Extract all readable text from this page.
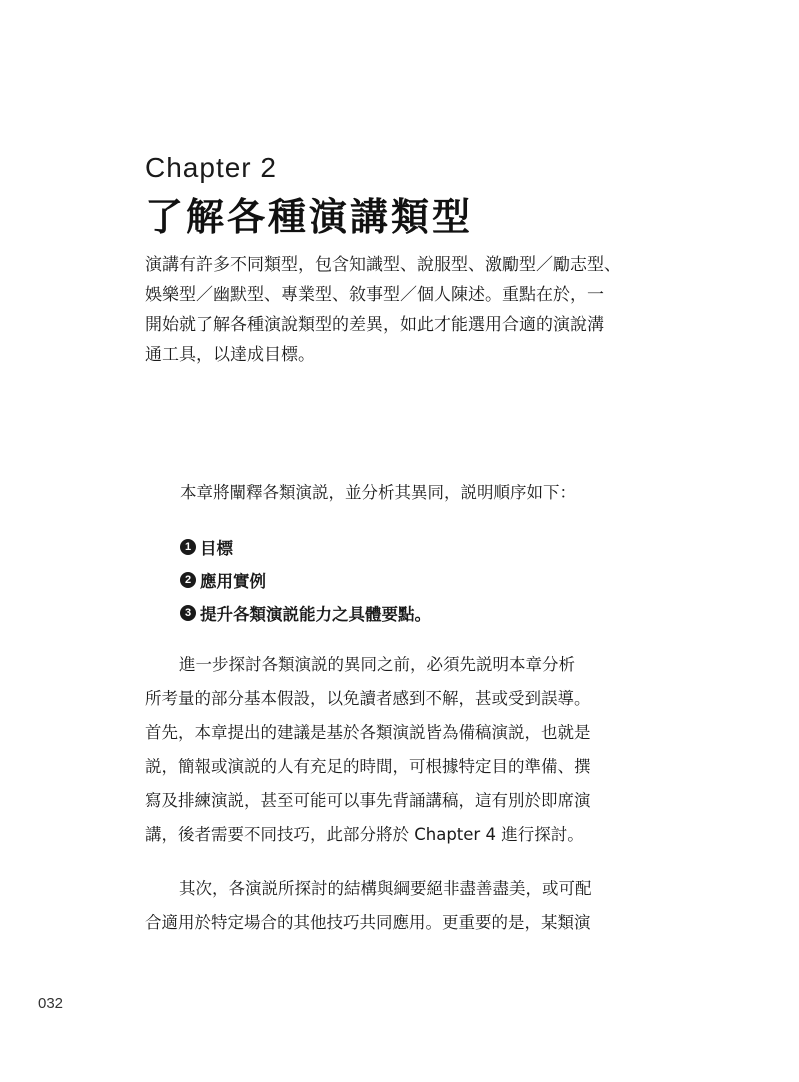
Chapter 2
了解各種演講類型
演講有許多不同類型，包含知識型、說服型、激勵型／勵志型、
娛樂型／幽默型、專業型、敘事型／個人陳述。重點在於，一
開始就了解各種演說類型的差異，如此才能選用合適的演說溝
通工具，以達成目標。
本章將闡釋各類演説，並分析其異同，説明順序如下：
1 目標
2 應用實例
3 提升各類演説能力之具體要點。
進一步探討各類演説的異同之前，必須先説明本章分析
所考量的部分基本假設，以免讀者感到不解，甚或受到誤導。
首先，本章提出的建議是基於各類演説皆為備稿演説，也就是
説，簡報或演説的人有充足的時間，可根據特定目的準備、撰
寫及排練演説，甚至可能可以事先背誦講稿，這有別於即席演
講，後者需要不同技巧，此部分將於 Chapter 4 進行探討。
其次，各演説所探討的結構與綱要絕非盡善盡美，或可配
合適用於特定場合的其他技巧共同應用。更重要的是，某類演
032
